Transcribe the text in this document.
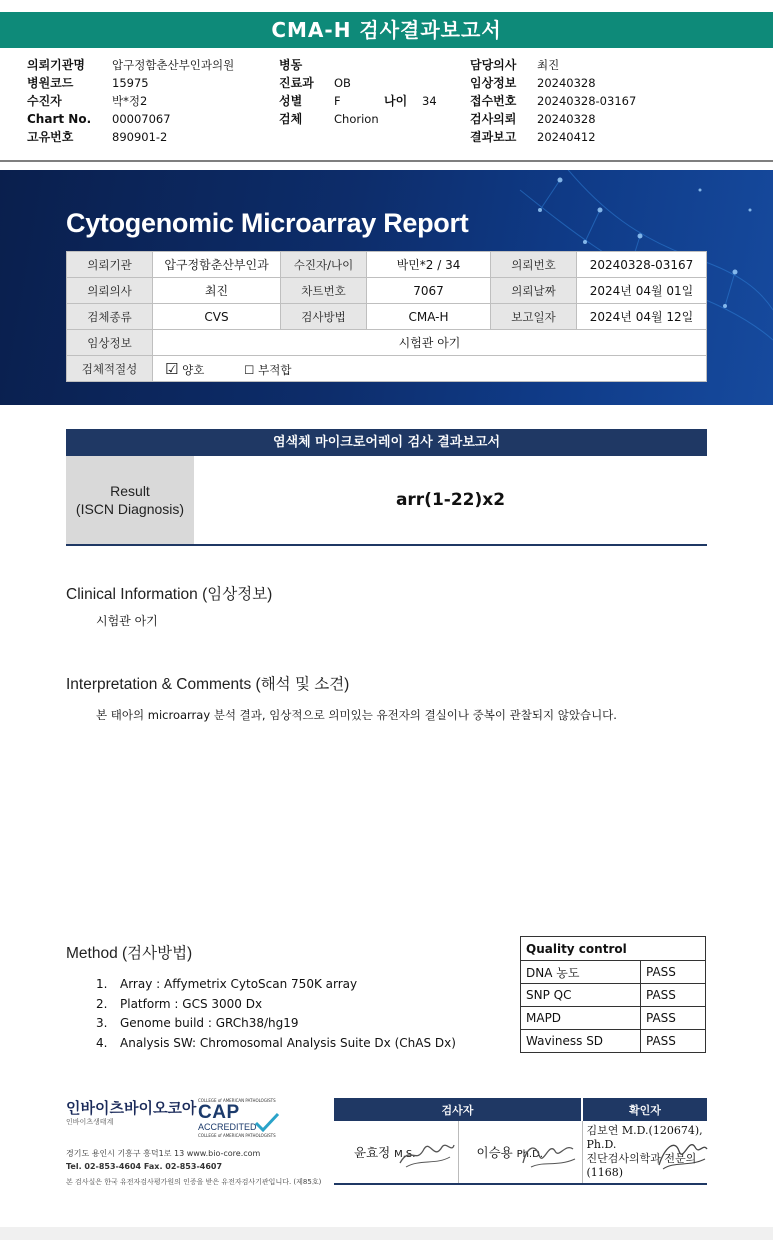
CMA-H 검사결과보고서
의뢰기관명 압구정함춘산부인과의원
병원코드	15975
수진자	박*정2
Chart No. 00007067
고유번호	890901-2
병동
진료과 OB
성별	F	나이 34
검체	Chorion
담당의사 최진
임상정보 20240328
접수번호 20240328-03167
검사의뢰 20240328
결과보고 20240412
Cytogenomic Microarray Report
의뢰기관	압구정함춘산부인과	수진자/나이	박민*2 / 34	의뢰번호	20240328-03167
의뢰의사	최진	차트번호	7067	의뢰날짜	2024년 04월 01일
검체종류	CVS	검사방법	CMA-H	보고일자	2024년 04월 12일
임상정보	시험관 아기				
검체적절성	☑ 양호 ☐ 부적합				
염색체 마이크로어레이 검사 결과보고서
Result
(ISCN Diagnosis)	arr(1-22)x2
Clinical Information (임상정보)
시험관 아기
Interpretation & Comments (해석 및 소견)
본 태아의 microarray 분석 결과, 임상적으로 의미있는 유전자의 결실이나 중복이 관찰되지 않았습니다.
Method (검사방법)
1. Array : Affymetrix CytoScan 750K array
2. Platform : GCS 3000 Dx
3. Genome build : GRCh38/hg19
4. Analysis SW: Chromosomal Analysis Suite Dx (ChAS Dx)
Quality control	
DNA 농도	PASS
SNP QC	PASS
MAPD	PASS
Waviness SD	PASS
인바이츠바이오코아
인바이츠생태계
COLLEGE of AMERICAN PATHOLOGISTS
CAP
ACCREDITED
COLLEGE of AMERICAN PATHOLOGISTS
경기도 용인시 기흥구 흥덕1로 13 www.bio-core.com
Tel. 02-853-4604 Fax. 02-853-4607
본 검사실은 한국 유전자검사평가원의 인증을 받은 유전자검사기관입니다. (제85호)
검사자		확인자
윤효정 M.S.	이승용 Ph.D.	김보연 M.D.(120674), Ph.D.
진단검사의학과 전문의(1168)
